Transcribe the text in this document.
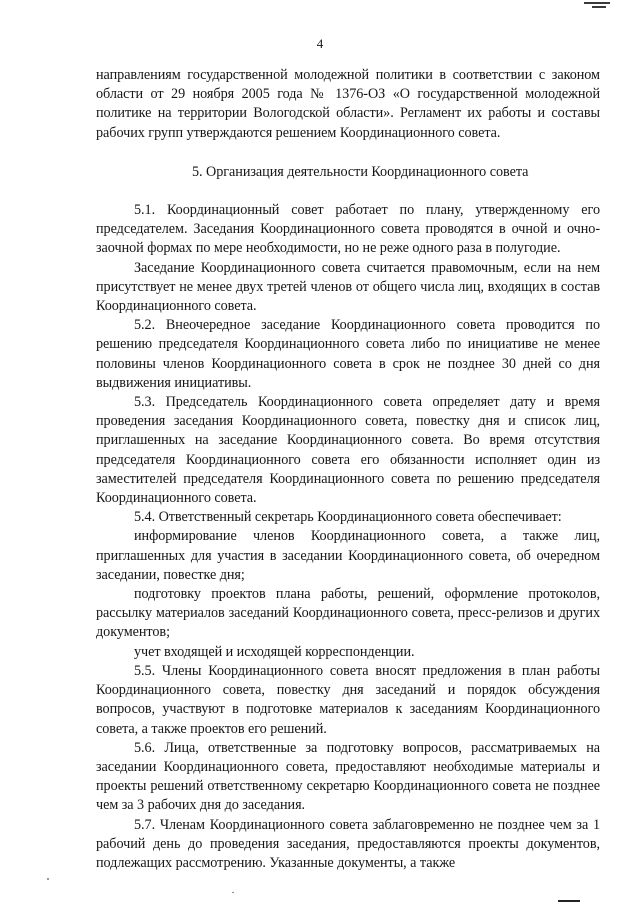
4

направлениям государственной молодежной политики в соответствии с законом области от 29 ноября 2005 года № 1376-ОЗ «О государственной молодежной политике на территории Вологодской области». Регламент их работы и составы рабочих групп утверждаются решением Координационного совета.

5. Организация деятельности Координационного совета

5.1. Координационный совет работает по плану, утвержденному его председателем. Заседания Координационного совета проводятся в очной и очно-заочной формах по мере необходимости, но не реже одного раза в полугодие.

Заседание Координационного совета считается правомочным, если на нем присутствует не менее двух третей членов от общего числа лиц, входящих в состав Координационного совета.

5.2. Внеочередное заседание Координационного совета проводится по решению председателя Координационного совета либо по инициативе не менее половины членов Координационного совета в срок не позднее 30 дней со дня выдвижения инициативы.

5.3. Председатель Координационного совета определяет дату и время проведения заседания Координационного совета, повестку дня и список лиц, приглашенных на заседание Координационного совета. Во время отсутствия председателя Координационного совета его обязанности исполняет один из заместителей председателя Координационного совета по решению председателя Координационного совета.

5.4. Ответственный секретарь Координационного совета обеспечивает:

информирование членов Координационного совета, а также лиц, приглашенных для участия в заседании Координационного совета, об очередном заседании, повестке дня;

подготовку проектов плана работы, решений, оформление протоколов, рассылку материалов заседаний Координационного совета, пресс-релизов и других документов;

учет входящей и исходящей корреспонденции.

5.5. Члены Координационного совета вносят предложения в план работы Координационного совета, повестку дня заседаний и порядок обсуждения вопросов, участвуют в подготовке материалов к заседаниям Координационного совета, а также проектов его решений.

5.6. Лица, ответственные за подготовку вопросов, рассматриваемых на заседании Координационного совета, предоставляют необходимые материалы и проекты решений ответственному секретарю Координационного совета не позднее чем за 3 рабочих дня до заседания.

5.7. Членам Координационного совета заблаговременно не позднее чем за 1 рабочий день до проведения заседания, предоставляются проекты документов, подлежащих рассмотрению. Указанные документы, а также
